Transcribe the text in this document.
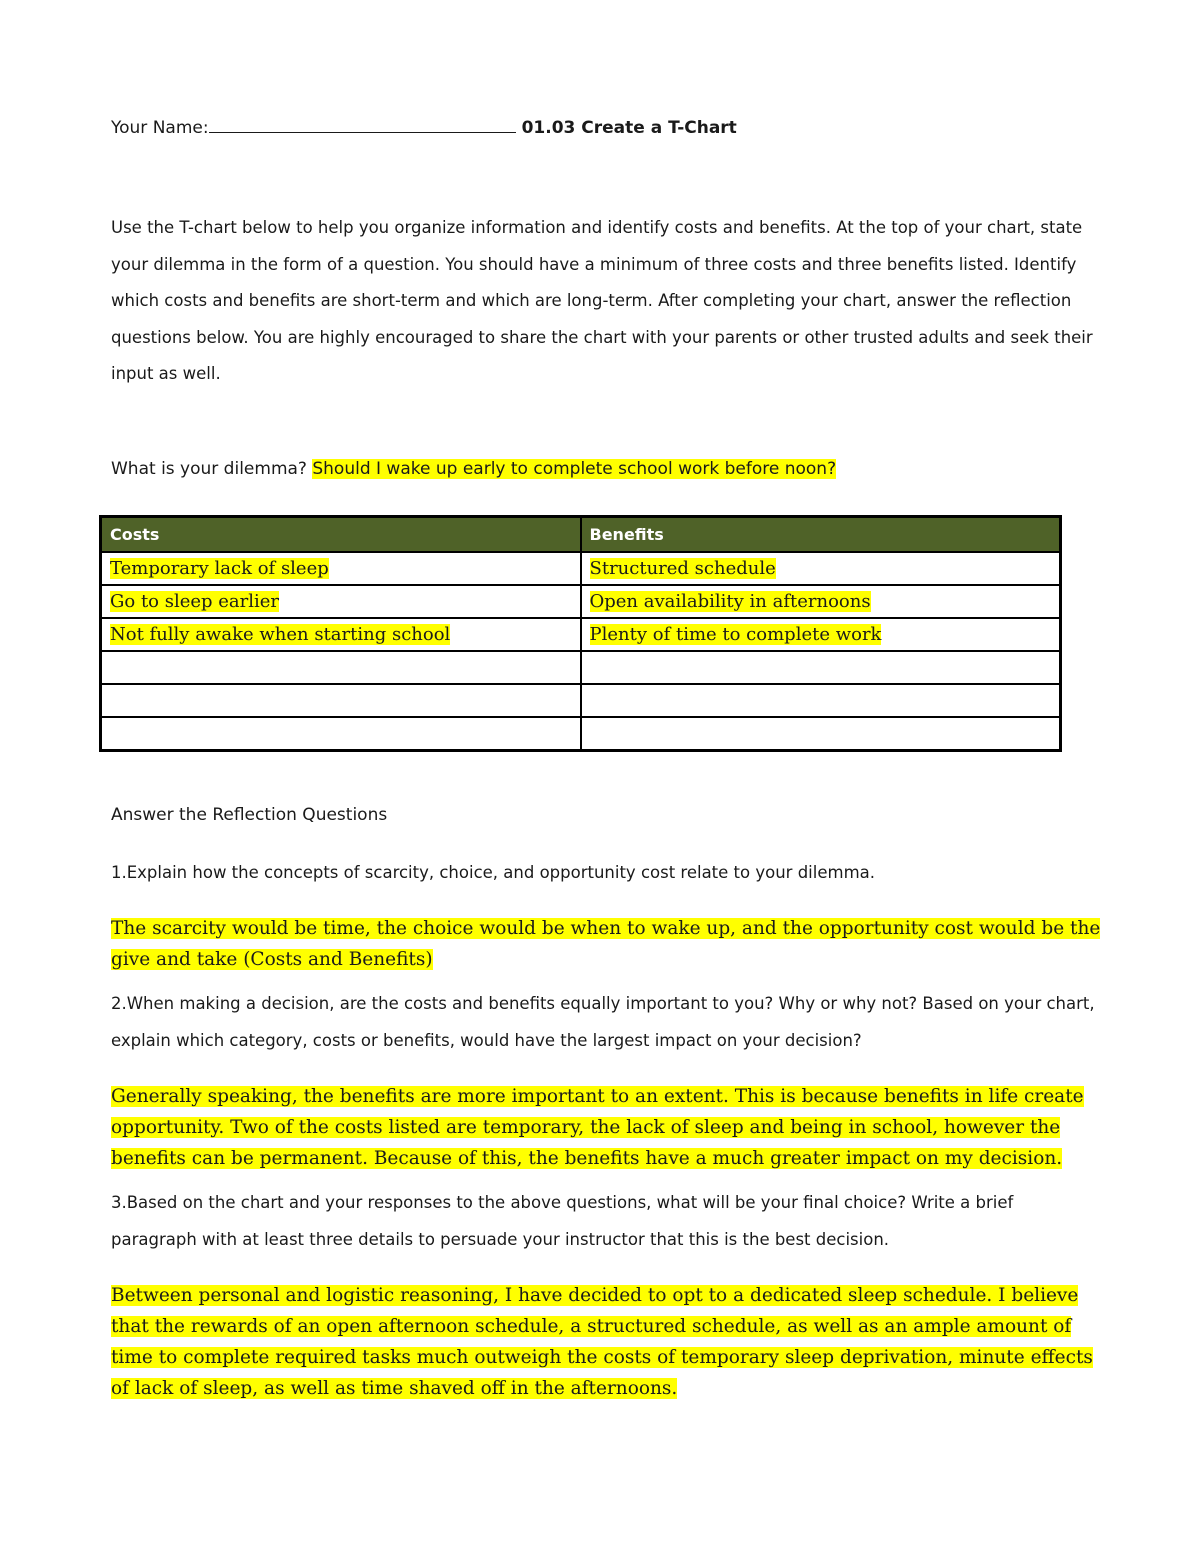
Your Name:	01.03 Create a T-Chart

Use the T-chart below to help you organize information and identify costs and benefits. At the top of your chart, state your dilemma in the form of a question. You should have a minimum of three costs and three benefits listed. Identify which costs and benefits are short-term and which are long-term. After completing your chart, answer the reflection questions below. You are highly encouraged to share the chart with your parents or other trusted adults and seek their input as well.

What is your dilemma? Should I wake up early to complete school work before noon?
Costs	Benefits
Temporary lack of sleep	Structured schedule
Go to sleep earlier	Open availability in afternoons
Not fully awake when starting school	Plenty of time to complete work

Answer the Reflection Questions

1.Explain how the concepts of scarcity, choice, and opportunity cost relate to your dilemma.

The scarcity would be time, the choice would be when to wake up, and the opportunity cost would be the give and take (Costs and Benefits)

2.When making a decision, are the costs and benefits equally important to you? Why or why not? Based on your chart, explain which category, costs or benefits, would have the largest impact on your decision?

Generally speaking, the benefits are more important to an extent. This is because benefits in life create opportunity. Two of the costs listed are temporary, the lack of sleep and being in school, however the benefits can be permanent. Because of this, the benefits have a much greater impact on my decision.

3.Based on the chart and your responses to the above questions, what will be your final choice? Write a brief paragraph with at least three details to persuade your instructor that this is the best decision.

Between personal and logistic reasoning, I have decided to opt to a dedicated sleep schedule. I believe that the rewards of an open afternoon schedule, a structured schedule, as well as an ample amount of time to complete required tasks much outweigh the costs of temporary sleep deprivation, minute effects of lack of sleep, as well as time shaved off in the afternoons.
